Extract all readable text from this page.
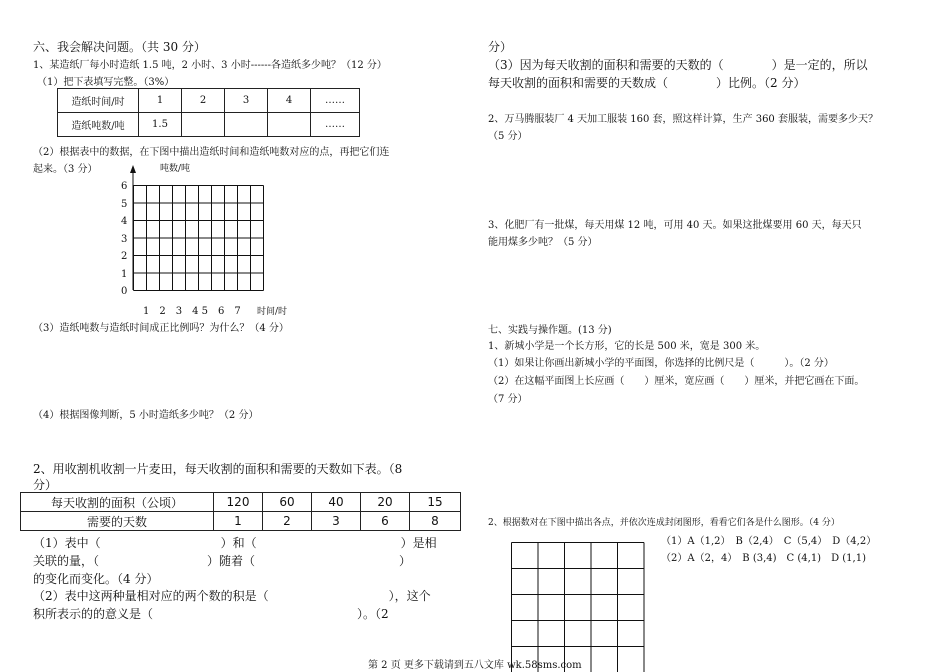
六、我会解决问题。（共 30 分）
1、某造纸厂每小时造纸 1.5 吨，2 小时、3 小时------各造纸多少吨？（12 分）
（1）把下表填写完整。（3%）
造纸时间/时	1	2	3	4	……
造纸吨数/吨	1.5				……
（2）根据表中的数据，在下图中描出造纸时间和造纸吨数对应的点，再把它们连
起来。（3 分）	吨数/吨
6
5
4
3
2
1
0
1　2　3　4 5　6　7 时间/时
（3）造纸吨数与造纸时间成正比例吗？为什么？（4 分）
（4）根据图像判断，5 小时造纸多少吨？（2 分）
2、用收割机收割一片麦田，每天收割的面积和需要的天数如下表。（8
分）
每天收割的面积（公顷）	120	60	40	20	15
需要的天数	1	2	3	6	8
（1）表中（　　　　　　　　　　）和（　　　　　　　　　　　　）是相
关联的量，（　　　　　　　　　）随着（　　　　　　　　　　　　）
的变化而变化。（4 分）
（2）表中这两种量相对应的两个数的积是（　　　　　　　　　　），这个
积所表示的的意义是（　　　　　　　　　　　　　　　　　）。（2
分）
（3）因为每天收割的面积和需要的天数的（　　　　）是一定的，所以
每天收割的面积和需要的天数成（　　　　）比例。（2 分）
2、万马腾服装厂 4 天加工服装 160 套，照这样计算，生产 360 套服装，需要多少天？
（5 分）
3、化肥厂有一批煤，每天用煤 12 吨，可用 40 天。如果这批煤要用 60 天，每天只
能用煤多少吨？（5 分）
七、实践与操作题。(13 分)
1、新城小学是一个长方形，它的长是 500 米，宽是 300 米。
（1）如果让你画出新城小学的平面图，你选择的比例尺是（　　　）。（2 分）
（2）在这幅平面图上长应画（　　）厘米，宽应画（　　）厘米，并把它画在下面。
（7 分）
2、根据数对在下图中描出各点，并依次连成封闭图形，看看它们各是什么图形。（4 分）
（1）A（1,2）　B（2,4）　C（5,4）　D（4,2）
（2）A（2，4）　B (3,4)　C (4,1)　D (1,1)
第 2 页 更多下载请到五八文库 wk.58sms.com
